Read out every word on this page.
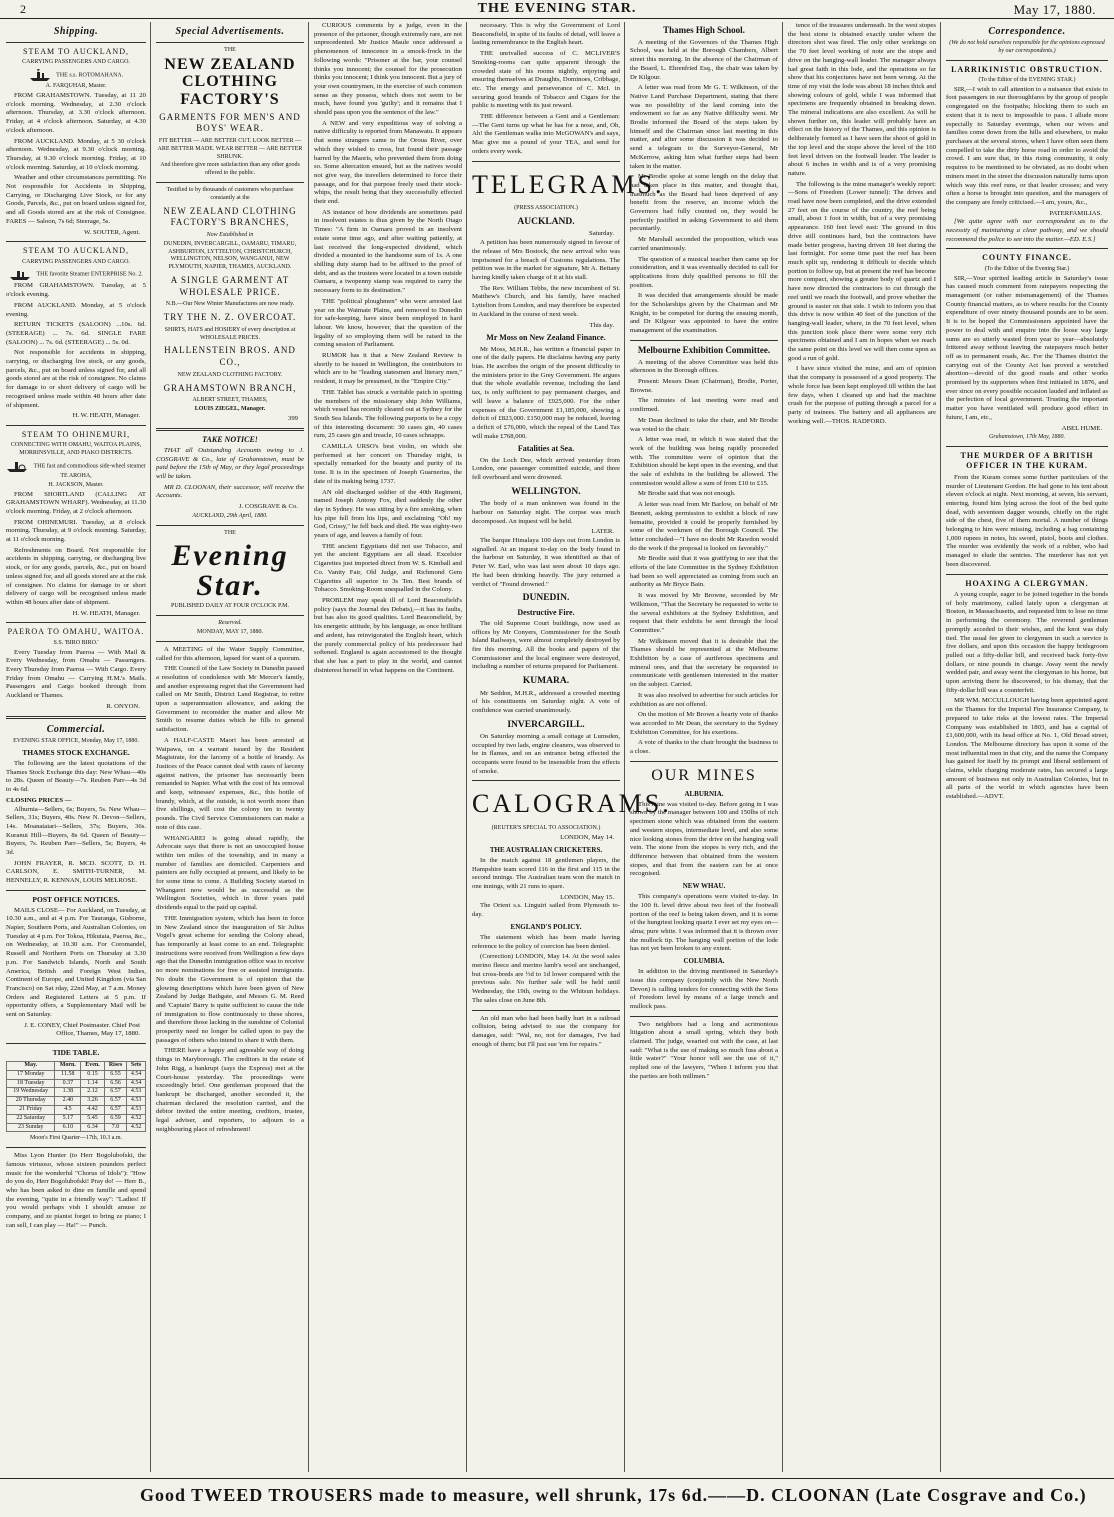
2	THE EVENING STAR.	May 17, 1880.
Shipping.
STEAM TO AUCKLAND,
CARRYING PASSENGERS AND CARGO.
THE s.s. ROTOMAHANA.
A. FARQUHAR, Master.

FROM GRAHAMSTOWN. Tuesday, at 11 20 o'clock morning. Wednesday, at 2.30 o'clock afternoon. Thursday, at 3.30 o'clock afternoon. Friday, at 4 o'clock afternoon. Saturday, at 4.30 o'clock afternoon.

FROM AUCKLAND. Monday, at 5 30 o'clock afternoon. Wednesday, at 9.30 o'clock morning. Thursday, at 9.30 o'clock morning. Friday, at 10 o'clock morning. Saturday, at 10 o'clock morning.

Weather and other circumstances permitting. No Not responsible for Accidents in Shipping, Carrying, or Discharging Live Stock, or for any Goods, Parcels, &c., put on board unless signed for, and all Goods stored are at the risk of Consignee. FARES — Saloon, 7s 6d; Steerage, 5s.

W. SOUTER, Agent.
STEAM TO AUCKLAND,
CARRYING PASSENGERS AND CARGO.
THE favorite Steamer ENTERPRISE No. 2.

FROM GRAHAMSTOWN. Tuesday, at 5 o'clock evening.

FROM AUCKLAND. Monday, at 5 o'clock evening.

RETURN TICKETS (SALOON) ...10s. 6d. (STEERAGE) ... 7s. 6d. SINGLE FARE (SALOON) ... 7s. 6d. (STEERAGE) ... 5s. 0d.

Not responsible for accidents in shipping, carrying, or discharging live stock, or any goods, parcels, &c., put on board unless signed for, and all goods stored are at the risk of consignee. No claims for damage to or short delivery of cargo will be recognised unless made within 48 hours after date of shipment.

H. W. HEATH, Manager.
STEAM TO OHINEMURI,
CONNECTING WITH OMAHU, WAITOA PLAINS, MORRINSVILLE, AND PIAKO DISTRICTS.
THE fast and commodious side-wheel steamer TE AROHA,
H. JACKSON, Master.

FROM SHORTLAND (CALLING AT GRAHAMSTOWN WHARF). Wednesday, at 11.30 o'clock morning. Friday, at 2 o'clock afternoon.

FROM OHINEMURI. Tuesday, at 8 o'clock morning. Thursday, at 9 o'clock morning. Saturday, at 11 o'clock morning.

Refreshments on Board. Not responsible for accidents in shipping, carrying, or discharging live stock, or for any goods, parcels, &c., put on board unless signed for, and all goods stored are at the risk of consignee. No claims for damage to or short delivery of cargo will be recognised unless made within 48 hours after date of shipment.

H. W. HEATH, Manager.
PAEROA TO OMAHU, WAITOA.
S.S. 'BIRO BIRO.'

Every Tuesday from Paeroa — With Mail & Every Wednesday, from Omahu — Passengers. Every Thursday from Paeroa — With Cargo. Every Friday from Omahu — Carrying H.M.'s Mails. Passengers and Cargo booked through from Auckland or Thames.

R. ONYON.
Commercial.
EVENING STAR OFFICE, Monday, May 17, 1880.
THAMES STOCK EXCHANGE.

The following are the latest quotations of the Thames Stock Exchange this day: New Whau—40s to 28s. Queen of Beauty—7s. Reuben Parr—4s 3d to 4s 6d.

CLOSING PRICES —

Alburnia—Sellers, 6s; Buyers, 5s. New Whau—Sellers, 31s; Buyers, 40s. New N. Devon—Sellers, 14s. Moanataiari—Sellers, 37s; Buyers, 36s. Kuranui Hill—Buyers, 8s 6d. Queen of Beauty—Buyers, 7s. Reuben Parr—Sellers, 5s; Buyers, 4s 3d.

JOHN FRAYER, R. MCD. SCOTT, D. H. CARLSON, E. SMITH-TURNER, M. HENNELLY, R. KENNAN, LOUIS MELROSE.

POST OFFICE NOTICES.

MAILS CLOSE— For Auckland, on Tuesday, at 10.30 a.m., and at 4 p.m. For Tauranga, Gisborne, Napier, Southern Ports, and Australian Colonies, on Tuesday at 4 p.m. For Tokoa, Hikutaia, Paeroa, &c., on Wednesday, at 10.30 a.m. For Coromandel, Russell and Northern Ports on Thursday at 3.30 p.m. For Sandwich Islands, North and South America, British and Foreign West Indies, Continent of Europe, and United Kingdom (via San Francisco) on Sat rday, 22nd May, at 7 a.m. Money Orders and Registered Letters at 5 p.m. If opportunity offers, a Supplementary Mail will be sent on Saturday.

J. E. CONEY, Chief Postmaster. Chief Post Office, Thames, May 17, 1880.
TIDE TABLE.
May.	Morn.	Even.	Rises	Sets
17 Monday	11.58	0.15	6.55	4.54
18 Tuesday	0.37	1.14	6.56	4.54
19 Wednesday	1.38	2.12	6.57	4.53
20 Thursday	2.40	3.26	6.57	4.53
21 Friday	4.5	4.42	6.57	4.53
22 Saturday	5.17	5.45	6.59	4.52
23 Sunday	6.10	6.34	7.0	4.52
Moon's First Quarter—17th, 10.3 a.m.

Miss Lyon Hunter (to Herr Bogolubofski, the famous virtuoso, whose sixteen pounders perfect music for the wonderful "Chorus of Idols"): "How do you do, Herr Bogolubofski! Pray do! — Herr B., who has been asked to dine en famille and spend the evening, "quite in a friendly way": "Ladies! If you would perhaps vish I shouldt amuse ze company, and ze pianist forget to bring ze piano; I can sell, I can play — Ha!" — Punch.

Special Advertisements.
THE
NEW ZEALAND CLOTHING FACTORY'S
GARMENTS FOR MEN'S AND BOYS' WEAR.
FIT BETTER — ARE BETTER CUT. LOOK BETTER — ARE BETTER MADE. WEAR BETTER — ARE BETTER SHRUNK.
And therefore give more satisfaction than any other goods offered to the public.
Testified to by thousands of customers who purchase constantly at the
NEW ZEALAND CLOTHING FACTORY'S BRANCHES,
Now Established in
DUNEDIN, INVERCARGILL, OAMARU, TIMARU, ASHBURTON, LYTTELTON, CHRISTCHURCH, WELLINGTON, NELSON, WANGANUI, NEW PLYMOUTH, NAPIER, THAMES, AUCKLAND.
A SINGLE GARMENT AT WHOLESALE PRICE.
N.B.—Our New Winter Manufactures are now ready.
TRY THE N. Z. OVERCOAT.
SHIRTS, HATS and HOSIERY of every description at WHOLESALE PRICES.
HALLENSTEIN BROS. AND CO.,
NEW ZEALAND CLOTHING FACTORY.
GRAHAMSTOWN BRANCH,
ALBERT STREET, THAMES,
LOUIS ZIEGEL, Manager.
399
TAKE NOTICE!

THAT all Outstanding Accounts owing to J. COSGRAVE & Co., late of Grahamstown, must be paid before the 15th of May, or they legal proceedings will be taken.

MR D. CLOONAN, their successor, will receive the Accounts.

J. COSGRAVE & Co.
AUCKLAND, 29th April, 1880.
THE
Evening Star.
PUBLISHED DAILY AT FOUR O'CLOCK P.M.
Reserved.
MONDAY, MAY 17, 1880.

A MEETING of the Water Supply Committee, called for this afternoon, lapsed for want of a quorum.

THE Council of the Law Society in Dunedin passed a resolution of condolence with Mr Mercer's family, and another expressing regret that the Government had called on Mr Smith, District Land Registrar, to retire upon a superannuation allowance, and asking the Government to reconsider the matter and allow Mr Smith to resume duties which he fills to general satisfaction.

A HALF-CASTE Maori has been arrested at Waipawa, on a warrant issued by the Resident Magistrate, for the larceny of a bottle of brandy. As Justices of the Peace cannot deal with cases of larceny against natives, the prisoner has necessarily been remanded to Napier. What with the cost of his removal and keep, witnesses' expenses, &c., this bottle of brandy, which, at the outside, is not worth more than five shillings, will cost the colony ten to twenty pounds. The Civil Service Commissioners can make a note of this case.

WHANGAREI is going ahead rapidly, the Advocate says that there is not an unoccupied house within ten miles of the township, and in many a number of families are domiciled. Carpenters and painters are fully occupied at present, and likely to be for some time to come. A Building Society started in Whangarei now would be as successful as the Wellington Societies, which in three years paid dividends equal to the paid up capital.

THE Immigration system, which has been in force in New Zealand since the inauguration of Sir Julius Vogel's great scheme for sending the Colony ahead, has temporarily at least come to an end. Telegraphic instructions were received from Wellington a few days ago that the Dunedin immigration office was to receive no more nominations for free or assisted immigrants. No doubt the Government is of opinion that the glowing descriptions which have been given of New Zealand by Judge Bathgate, and Messrs G. M. Reed and 'Captain' Barry is quite sufficient to cause the tide of immigration to flow continuously to these shores, and therefore those lacking in the sunshine of Colonial prosperity need no longer be called upon to pay the passages of others who intend to share it with them.

THERE have a happy and agreeable way of doing things in Maryborough. The creditors in the estate of John Rigg, a bankrupt (says the Express) met at the Court-house yesterday. The proceedings were exceedingly brief. One gentleman proposed that the bankrupt be discharged, another seconded it, the chairman declared the resolution carried, and the debtor invited the entire meeting, creditors, trustee, legal adviser, and reporters, to adjourn to a neighbouring place of refreshment!

CURIOUS comments by a judge, even in the presence of the prisoner, though extremely rare, are not unprecedented. Mr Justice Maule once addressed a phenomenon of innocence in a smock-frock in the following words: "Prisoner at the bar, your counsel thinks you innocent; the counsel for the prosecution thinks you innocent; I think you innocent. But a jury of your own countrymen, in the exercise of such common sense as they possess, which does not seem to be much, have found you 'guilty'; and it remains that I should pass upon you the sentence of the law."

A NEW and very expeditious way of solving a native difficulty is reported from Manawatu. It appears that some strangers came to the Oroua River, over which they wished to cross, but found their passage barred by the Maoris, who prevented them from doing so. Some altercation ensued, but as the natives would not give way, the travellers determined to force their passage, and for that purpose freely used their stock-whips, the result being that they successfully effected their end.

AS instance of how dividends are sometimes paid in insolvent estates is thus given by the North Otago Times: "A firm in Oamaru proved in an insolvent estate some time ago, and after waiting patiently, at last received the long-expected dividend, which divided a mounted to the handsome sum of 1s. A one shilling duty stamp had to be affixed to the proof of debt, and as the trustees were located in a town outside Oamaru, a twopenny stamp was required to carry the necessary form to its destination."

THE "political ploughmen" who were arrested last year on the Waimate Plains, and removed to Dunedin for safe-keeping, have since been employed in hard labour. We know, however, that the question of the legality of so employing them will be raised in the coming session of Parliament.

RUMOR has it that a New Zealand Review is shortly to be issued in Wellington, the contributors to which are to be "leading statesmen and literary men," resident, it may be presumed, in the "Empire City."

THE Tablet has struck a veritable patch in spotting the members of the missionary ship John Williams, which vessel has recently cleared out at Sydney for the South Sea Islands. The following purports to be a copy of this interesting document: 30 cases gin, 40 cases rum, 25 cases gin and treacle, 10 cases schnapps.

CAMILLA URSO's best violin, on which she performed at her concert on Thursday night, is specially remarked for the beauty and purity of its tone. It is in the specimen of Joseph Guarnerius, the date of its making being 1737.

AN old discharged soldier of the 40th Regiment, named Joseph Antony Fox, died suddenly the other day in Sydney. He was sitting by a fire smoking, when his pipe fell from his lips, and exclaiming "Oh! my God, Crissy," he fell back and died. He was eighty-two years of age, and leaves a family of four.

THE ancient Egyptians did not use Tobacco, and yet the ancient Egyptians are all dead. Excelsior Cigarettes just imported direct from W. S. Kimball and Co. Vanity Fair, Old Judge, and Richmond Gem Cigarettes all superior to 3s Ten. Best brands of Tobacco. Smoking-Room unequalled in the Colony.

PROBLEM may speak ill of Lord Beaconsfield's policy (says the Journal des Debats),—it has its faults, but has also its good qualities. Lord Beaconsfield, by his energetic attitude, by his language, as once brilliant and ardent, has reinvigorated the English heart, which the purely commercial policy of his predecessor had softened. England is again accustomed to the thought that she has a part to play in the world, and cannot disinterest herself in what happens on the Continent.

necessary. This is why the Government of Lord Beaconsfield, in spite of its faults of detail, will leave a lasting remembrance in the English heart.

THE unrivalled success of C. MCLIVER'S Smoking-rooms can quite apparent through the crowded state of his rooms nightly, enjoying and ensuring themselves at Draughts, Dominoes, Cribbage, etc. The energy and perseverance of C. McI. in securing good brands of Tobacco and Cigars for the public is meeting with its just reward.

THE difference between a Gent and a Gentleman: —The Gent turns up what he has for a nose, and, Oh, Ah! the Gentleman walks into McGOWAN's and says, Mac give me a pound of your TEA, and send for orders every week.

TELEGRAMS.
(PRESS ASSOCIATION.)
AUCKLAND.
Saturday.

A petition has been numerously signed in favour of the release of Mrs Bostock, the new arrival who was imprisoned for a breach of Customs regulations. The petition was in the market for signature, Mr A. Bettany having kindly taken charge of it at his stall.

The Rev. William Tebbs, the new incumbent of St. Matthew's Church, and his family, have reached Lyttelton from London, and may therefore be expected in Auckland in the course of next week.

This day.
Mr Moss on New Zealand Finance.

Mr Moss, M.H.R., has written a financial paper in one of the daily papers. He disclaims having any party bias. He ascribes the origin of the present difficulty to the ministers prior to the Grey Government. He argues that the whole available revenue, including the land tax, is only sufficient to pay permanent charges, and will leave a balance of £925,000. For the other expenses of the Government £1,185,000, showing a deficit of £823,000. £150,000 may be reduced, leaving a deficit of £76,000, which the repeal of the Land Tax will make £768,000.

Fatalities at Sea.

On the Loch Dee, which arrived yesterday from London, one passenger committed suicide, and three fell overboard and were drowned.

WELLINGTON.

The body of a man unknown was found in the harbour on Saturday night. The corpse was much decomposed. An inquest will be held.

LATER.

The barque Himalaya 100 days out from London is signalled. At an inquest to-day on the body found in the harbour on Saturday, it was identified as that of Peter W. Earl, who was last seen about 10 days ago. He had been drinking heavily. The jury returned a verdict of "Found drowned."

DUNEDIN.
Destructive Fire.

The old Supreme Court buildings, now used as offices by Mr Conyers, Commissioner for the South Island Railways, were almost completely destroyed by fire this morning. All the books and papers of the Commissioner and the local engineer were destroyed, including a number of returns prepared for Parliament.

KUMARA.

Mr Seddon, M.H.R., addressed a crowded meeting of his constituents on Saturday night. A vote of confidence was carried unanimously.

INVERCARGILL.

On Saturday morning a small cottage at Lumsden, occupied by two lads, engine cleaners, was observed to be in flames, and on an entrance being effected the occupants were found to be insensible from the effects of smoke.

CALOGRAMS.
(REUTER'S SPECIAL TO ASSOCIATION.)
LONDON, May 14.
THE AUSTRALIAN CRICKETERS.

In the match against 18 gentlemen players, the Hampshire team scored 116 in the first and 115 in the second innings. The Australian team won the match in one innings, with 21 runs to spare.

LONDON, May 15.

The Orient s.s. Linguiri sailed from Plymouth to-day.

ENGLAND'S POLICY.

The statement which has been made having reference to the policy of coercion has been denied.

(Correction) LONDON, May 14. At the wool sales merino fleece and merino lamb's wool are unchanged, but cross-breds are ½d to 1d lower compared with the previous sale. No further sale will be held until Wednesday, the 19th, owing to the Whitsun holidays. The sales close on June 8th.

An old man who had been badly hurt in a railroad collision, being advised to sue the company for damages, said: "Wal, no, not for damages, I've had enough of them; but I'll just sue 'em for repairs."

Thames High School.

A meeting of the Governors of the Thames High School, was held at the Borough Chambers, Albert street this morning. In the absence of the Chairman of the Board, L. Ehrenfried Esq., the chair was taken by Dr Kilgour.

A letter was read from Mr G. T. Wilkinson, of the Native Land Purchase Department, stating that there was no possibility of the land coming into the endowment so far as any Native difficulty went. Mr Brodie informed the Board of the steps taken by himself and the Chairman since last meeting in this matter, and after some discussion it was decided to send a telegram to the Surveyor-General, Mr McKerrow, asking him what further steps had been taken in the matter.

Mr Brodie spoke at some length on the delay that had taken place in this matter, and thought that, inasmuch as the Board had been deprived of any benefit from the reserve, an income which the Governors had fully counted on, they would be perfectly justified in asking Government to aid them pecuniarily.

Mr Marshall seconded the proposition, which was carried unanimously.

The question of a musical teacher then came up for consideration, and it was eventually decided to call for applications from duly qualified persons to fill the position.

It was decided that arrangements should be made for the Scholarships given by the Chairman and Mr Knight, to be competed for during the ensuing month, and Dr Kilgour was appointed to have the entire management of the examination.

Melbourne Exhibition Committee.

A meeting of the above Committee was held this afternoon in the Borough offices.

Present: Messrs Dean (Chairman), Brodie, Porter, Browne.

The minutes of last meeting were read and confirmed.

Mr Dean declined to take the chair, and Mr Brodie was voted to the chair.

A letter was read, in which it was stated that the work of the building was being rapidly proceeded with. The committee were of opinion that the Exhibition should be kept open in the evening, and that the sale of exhibits in the building be allowed. The commission would allow a sum of from £10 to £15.

Mr Brodie said that was not enough.

A letter was read from Mr Barlow, on behalf of Mr Bennett, asking permission to exhibit a block of raw hematite, provided it could be properly furnished by some of the workmen of the Borough Council. The letter concluded—"I have no doubt Mr Rawdon would do the work if the proposal is looked on favorably."

Mr Brodie said that it was gratifying to see that the efforts of the late Committee in the Sydney Exhibition had been so well appreciated as coming from such an authority as Mr Bryce Bain.

It was moved by Mr Browne, seconded by Mr Wilkinson, "That the Secretary be requested to write to the several exhibitors at the Sydney Exhibition, and request that their exhibits be sent through the local Committee."

Mr Wilkinson moved that it is desirable that the Thames should be represented at the Melbourne Exhibition by a case of auriferous specimens and mineral ores, and that the secretary be requested to communicate with gentlemen interested in the matter on the subject. Carried.

It was also resolved to advertise for such articles for exhibition as are not offered.

On the motion of Mr Brown a hearty vote of thanks was accorded to Mr Dean, the secretary to the Sydney Exhibition Committee, for his exertions.

A vote of thanks to the chair brought the business to a close.

OUR MINES
ALBURNIA.

This mine was visited to-day. Before going in I was shown by the manager between 100 and 150lbs of rich specimen stone which was obtained from the eastern and western stopes, intermediate level, and also some nice looking stones from the drive on the hanging wall vein. The stone from the stopes is very rich, and the difference between that obtained from the western stopes, and that from the eastern can be at once recognised.

NEW WHAU.

This company's operations were visited to-day. In the 100 ft. level drive about two feet of the footwall portion of the reef is being taken down, and it is some of the hungriest looking quartz I ever set my eyes on—alma; pure white. I was informed that it is thrown over the mullock tip. The hanging wall portion of the lode has not yet been broken to any extent.

COLUMBIA.

In addition to the driving mentioned in Saturday's issue this company (conjointly with the New North Devon) is calling tenders for connecting with the Sons of Freedom level by means of a large trench and mullock pass.

Two neighbors had a long and acrimonious litigation about a small spring, which they both claimed. The judge, wearied out with the case, at last said: "What is the use of making so much fuss about a little water?" "Your honor will see the use of it," replied one of the lawyers, "When I inform you that the parties are both millmen."

tence of the treasures underneath. In the west stopes the best stone is obtained exactly under where the directors shot was fired. The only other workings on the 70 feet level working of note are the stope and drive on the hanging-wall leader. The manager always had great faith in this lode, and the operations so far show that his conjectures have not been wrong. At the time of my visit the lode was about 18 inches thick and showing colours of gold, while I was informed that specimens are frequently obtained in breaking down. The mineral indications are also excellent. As will be shown further on, this leader will probably have an effect on the history of the Thames, and this opinion is deliberately formed as I have seen the shoot of gold in the top level and the stope above the level of the 160 feet level driven on the footwall leader. The leader is about 6 inches in width and is of a very promising nature.

The following is the mine manager's weekly report:—Sons of Freedom (Lower tunnel): The drives and road have now been completed, and the drive extended 27 feet on the course of the country, the reef being small, about 1 foot in width, but of a very promising appearance. 160 feet level east: The ground in this drive still continues hard, but the contractors have made better progress, having driven 18 feet during the last fortnight. For some time past the reef has been much split up, rendering it difficult to decide which portion to follow up, but at present the reef has become more compact, showing a greater body of quartz and I have now directed the contractors to cut through the reef until we reach the footwall, and prove whether the ground is easier on that side. I wish to inform you that this drive is now within 40 feet of the junction of the hanging-wall leader, where, in the 70 feet level, when this junction took place there were some very rich specimens obtained and I am in hopes when we reach the same point on this level we will then come upon as good a run of gold.

I have since visited the mine, and am of opinion that the company is possessed of a good property. The whole force has been kept employed till within the last few days, when I cleaned up and had the machine crush for the purpose of putting through a parcel for a party of trainees. The battery and all appliances are working well.—THOS. RADFORD.

Correspondence.
(We do not hold ourselves responsible for the opinions expressed by our correspondents.)
LARRIKINISTIC OBSTRUCTION.
(To the Editor of the EVENING STAR.)

SIR,—I wish to call attention to a nuisance that exists to foot passengers in our thoroughfares by the group of people congregated on the footpaths; blocking them to such an extent that it is next to impossible to pass. I allude more especially to Saturday evenings, when our wives and families come down from the hills and elsewhere, to make purchases at the several stores, when I have often seen them compelled to take the dirty horse road in order to avoid the crowd. I am sure that, in this rising community, it only requires to be mentioned to be obviated, as no doubt when miners meet in the street the discussion naturally turns upon which way this reef runs, or that leader crosses; and very often a horse is brought into question, and the managers of the company are freely criticised.—I am, yours, &c.,

PATERFAMILIAS.

[We quite agree with our correspondent as to the necessity of maintaining a clear pathway, and we should recommend the police to see into the matter.—ED. E.S.]

COUNTY FINANCE.
(To the Editor of the Evening Star.)

SIR,—Your spirited leading article in Saturday's issue has caused much comment from ratepayers respecting the management (or rather mismanagement) of the Thames County financial matters, as to where results for the County expenditure of over ninety thousand pounds are to be seen. It is to be hoped the Commissioners appointed have the power to deal with and enquire into the loose way large sums are so utterly wasted from year to year—absolutely frittered away without leaving the ratepayers much better off as to permanent roads, &c. For the Thames district the carrying out of the County Act has proved a wretched abortion—devoid of the good roads and other works promised by its supporters when first initiated in 1876, and ever since on every possible occasion lauded and inflated as the perfection of local government. Trusting the important matter you have ventilated will produce good effect in future, I am, etc.,

ABEL HUME.
Grahamstown, 17th May, 1880.
THE MURDER OF A BRITISH OFFICER IN THE KURAM.

From the Kuram comes some further particulars of the murder of Lieutenant Gordon. He had gone to his tent about eleven o'clock at night. Next morning, at seven, his servant, entering, found him lying across the foot of the bed quite dead, with seventeen dagger wounds, chiefly on the right side of the chest, five of them mortal. A number of things belonging to him were missing, including a bag containing 1,000 rupees in notes, his sword, pistol, boots and clothes. The murder was evidently the work of a robber, who had managed to elude the sentries. The murderer has not yet been discovered.

HOAXING A CLERGYMAN.

A young couple, eager to be joined together in the bonds of holy matrimony, called lately upon a clergyman at Boston, in Massachusetts, and requested him to lose no time in performing the ceremony. The reverend gentleman promptly acceded to their wishes, and the knot was duly tied. The usual fee given to clergymen in such a service is five dollars, and upon this occasion the happy bridegroom pulled out a fifty-dollar bill, and received back forty-five dollars, or nine pounds in change. Away went the newly wedded pair, and away went the clergyman to his home, but upon arriving there he discovered, to his dismay, that the fifty-dollar bill was a counterfeit.

MR WM. MCCULLOUGH having been appointed agent on the Thames for the Imperial Fire Insurance Company, is prepared to take risks at the lowest rates. The Imperial Company was established in 1803, and has a capital of £1,600,000, with its head office at No. 1, Old Broad street, London. The Melbourne directory has upon it some of the most influential men in that city, and the name the Company has gained for itself by its prompt and liberal settlement of claims, while charging moderate rates, has secured a large amount of business not only in Australian Colonies, but in all parts of the world in which agencies have been established.—ADVT.

Good TWEED TROUSERS made to measure, well shrunk, 17s 6d.——D. CLOONAN (Late Cosgrave and Co.)
